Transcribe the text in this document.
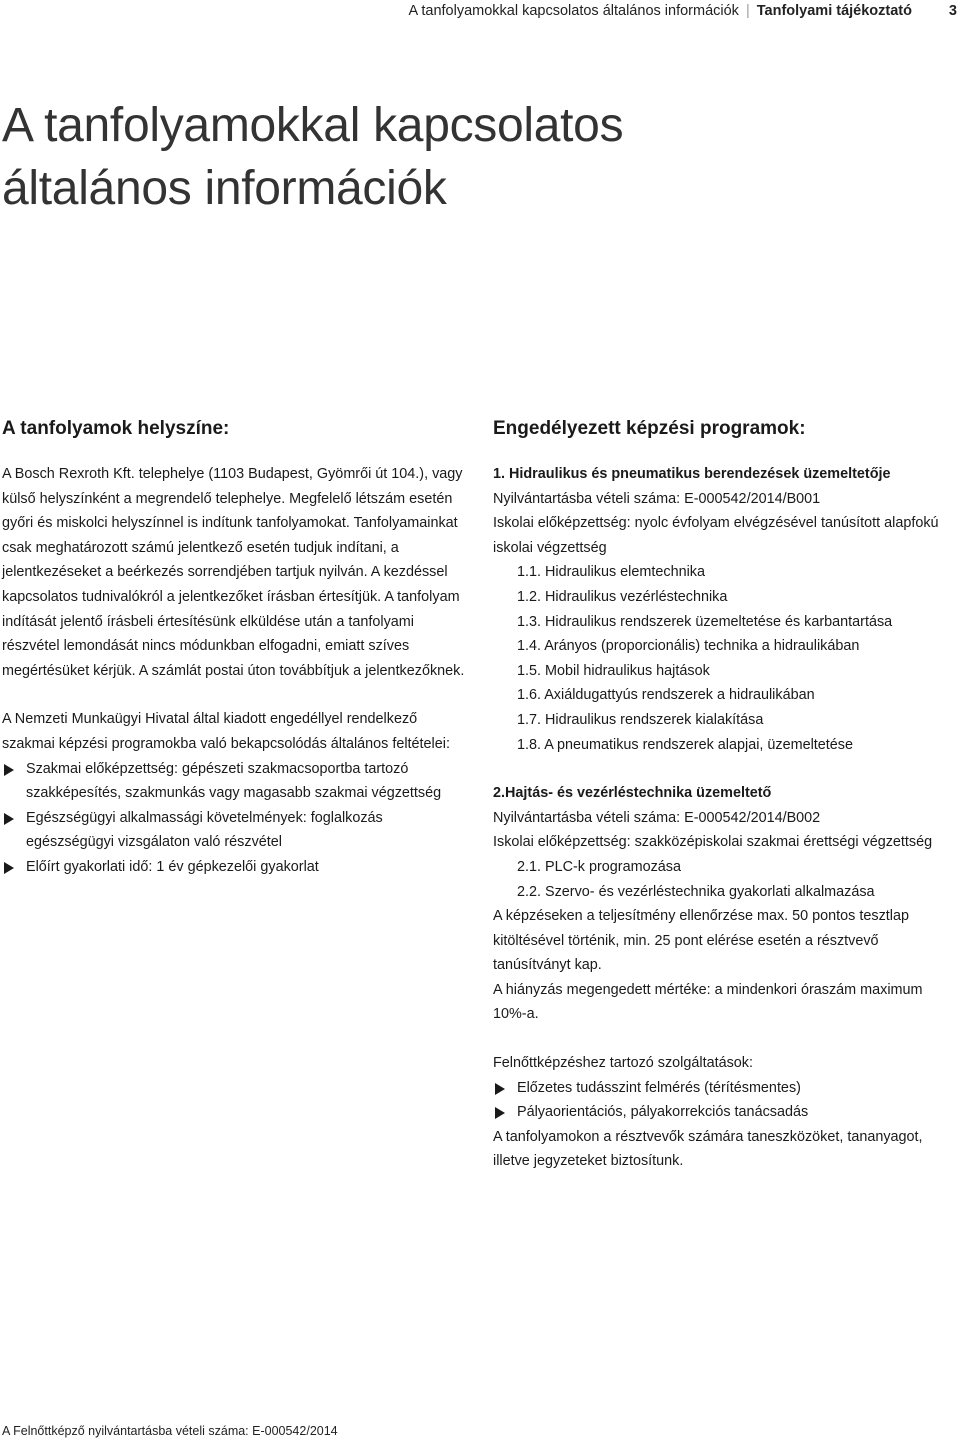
A tanfolyamokkal kapcsolatos általános információk | Tanfolyami tájékoztató	3
A tanfolyamokkal kapcsolatos
általános információk
A tanfolyamok helyszíne:

A Bosch Rexroth Kft. telephelye (1103 Budapest, Gyömrői út 104.), vagy külső helyszínként a megrendelő telephelye. Megfelelő létszám esetén győri és miskolci helyszínnel is indítunk tanfolyamokat. Tanfolyamainkat csak meghatározott számú jelentkező esetén tudjuk indítani, a jelentkezéseket a beérkezés sorrendjében tartjuk nyilván. A kezdéssel kapcsolatos tudnivalókról a jelentkezőket írásban értesítjük. A tanfolyam indítását jelentő írásbeli értesítésünk elküldése után a tanfolyami részvétel lemondását nincs módunkban elfogadni, emiatt szíves megértésüket kérjük. A számlát postai úton továbbítjuk a jelentkezőknek.

A Nemzeti Munkaügyi Hivatal által kiadott engedéllyel rendelkező szakmai képzési programokba való bekapcsolódás általános feltételei:

Szakmai előképzettség: gépészeti szakmacsoportba tartozó szakképesítés, szakmunkás vagy magasabb szakmai végzettség
Egészségügyi alkalmassági követelmények: foglalkozás egészségügyi vizsgálaton való részvétel
Előírt gyakorlati idő: 1 év gépkezelői gyakorlat
Engedélyezett képzési programok:
1. Hidraulikus és pneumatikus berendezések üzemeltetője
Nyilvántartásba vételi száma: E-000542/2014/B001
Iskolai előképzettség: nyolc évfolyam elvégzésével tanúsított alapfokú iskolai végzettség
1.1. Hidraulikus elemtechnika
1.2. Hidraulikus vezérléstechnika
1.3. Hidraulikus rendszerek üzemeltetése és karbantartása
1.4. Arányos (proporcionális) technika a hidraulikában
1.5. Mobil hidraulikus hajtások
1.6. Axiáldugattyús rendszerek a hidraulikában
1.7. Hidraulikus rendszerek kialakítása
1.8. A pneumatikus rendszerek alapjai, üzemeltetése
2.Hajtás- és vezérléstechnika üzemeltető
Nyilvántartásba vételi száma: E-000542/2014/B002
Iskolai előképzettség: szakközépiskolai szakmai érettségi végzettség
2.1. PLC-k programozása
2.2. Szervo- és vezérléstechnika gyakorlati alkalmazása
A képzéseken a teljesítmény ellenőrzése max. 50 pontos tesztlap kitöltésével történik, min. 25 pont elérése esetén a résztvevő tanúsítványt kap.
A hiányzás megengedett mértéke: a mindenkori óraszám maximum 10%-a.
Felnőttképzéshez tartozó szolgáltatások:
Előzetes tudásszint felmérés (térítésmentes)
Pályaorientációs, pályakorrekciós tanácsadás
A tanfolyamokon a résztvevők számára taneszközöket, tananyagot, illetve jegyzeteket biztosítunk.
A Felnőttképző nyilvántartásba vételi száma: E-000542/2014
